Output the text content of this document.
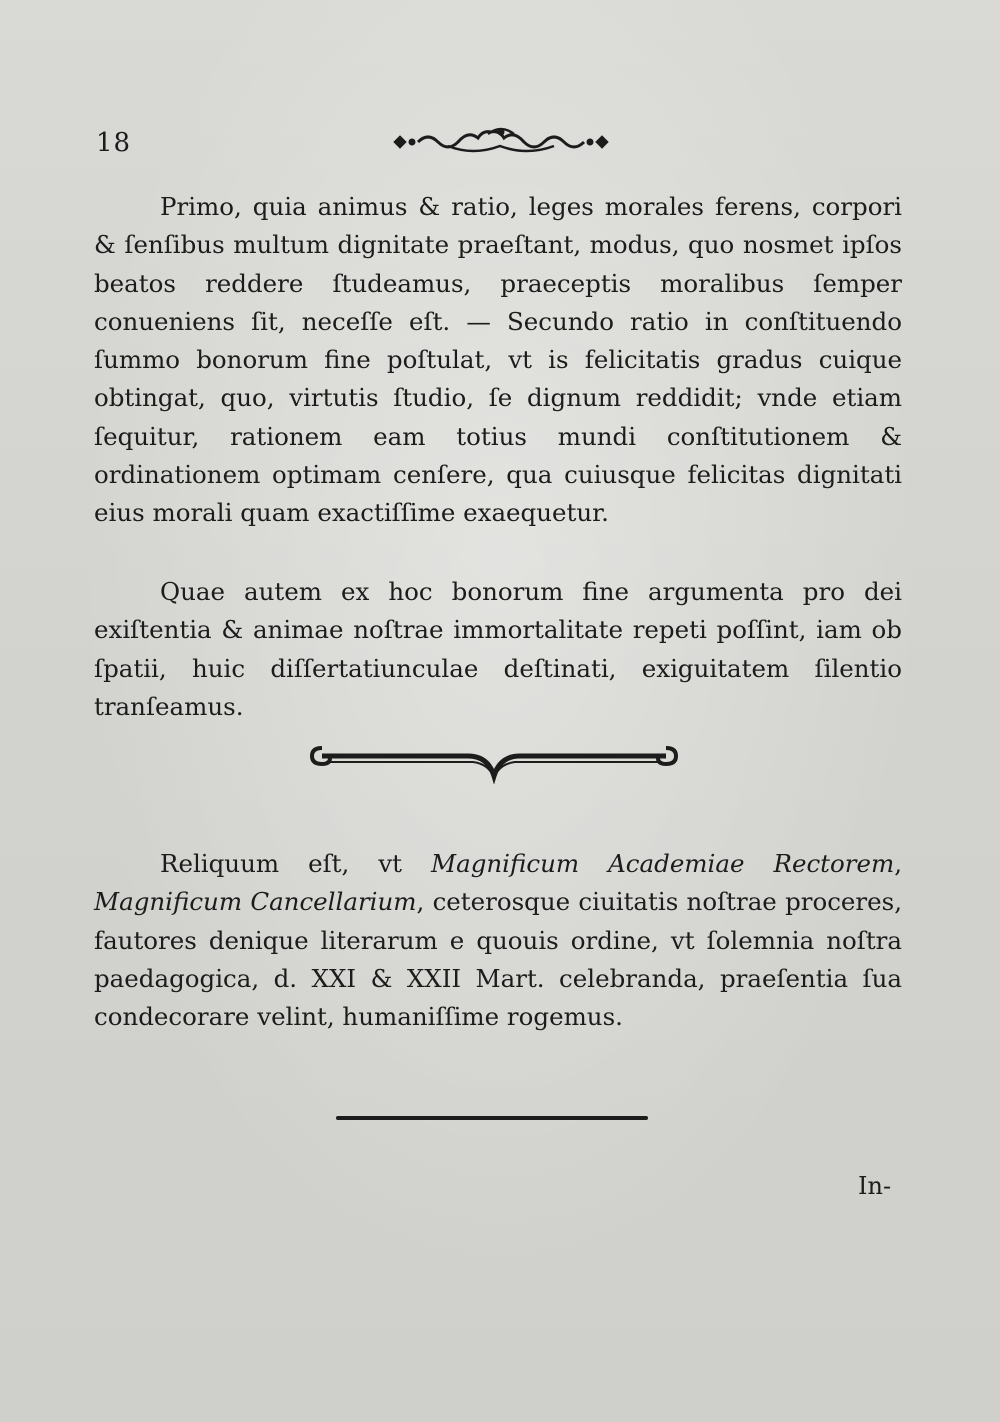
18

Primo, quia animus & ratio, leges morales ferens, corpori & ſenſibus multum dignitate praeſtant, modus, quo nosmet ipſos beatos reddere ſtudeamus, praeceptis moralibus ſemper conueniens ſit, neceſſe eſt. — Secundo ratio in conſtituendo ſummo bonorum fine poſtulat, vt is felicitatis gradus cuique obtingat, quo, virtutis ſtudio, ſe dignum reddidit; vnde etiam ſequitur, rationem eam totius mundi conſtitutionem & ordinationem optimam cenſere, qua cuiusque felicitas dignitati eius morali quam exactiſſime exaequetur.

Quae autem ex hoc bonorum fine argumenta pro dei exiſtentia & animae noſtrae immortalitate repeti poſſint, iam ob ſpatii, huic diſſertatiunculae deſtinati, exiguitatem ſilentio tranſeamus.

Reliquum eſt, vt Magnificum Academiae Rectorem, Magnificum Cancellarium, ceterosque ciuitatis noſtrae proceres, fautores denique literarum e quouis ordine, vt ſolemnia noſtra paedagogica, d. XXI & XXII Mart. celebranda, praeſentia ſua condecorare velint, humaniſſime rogemus.

In-
